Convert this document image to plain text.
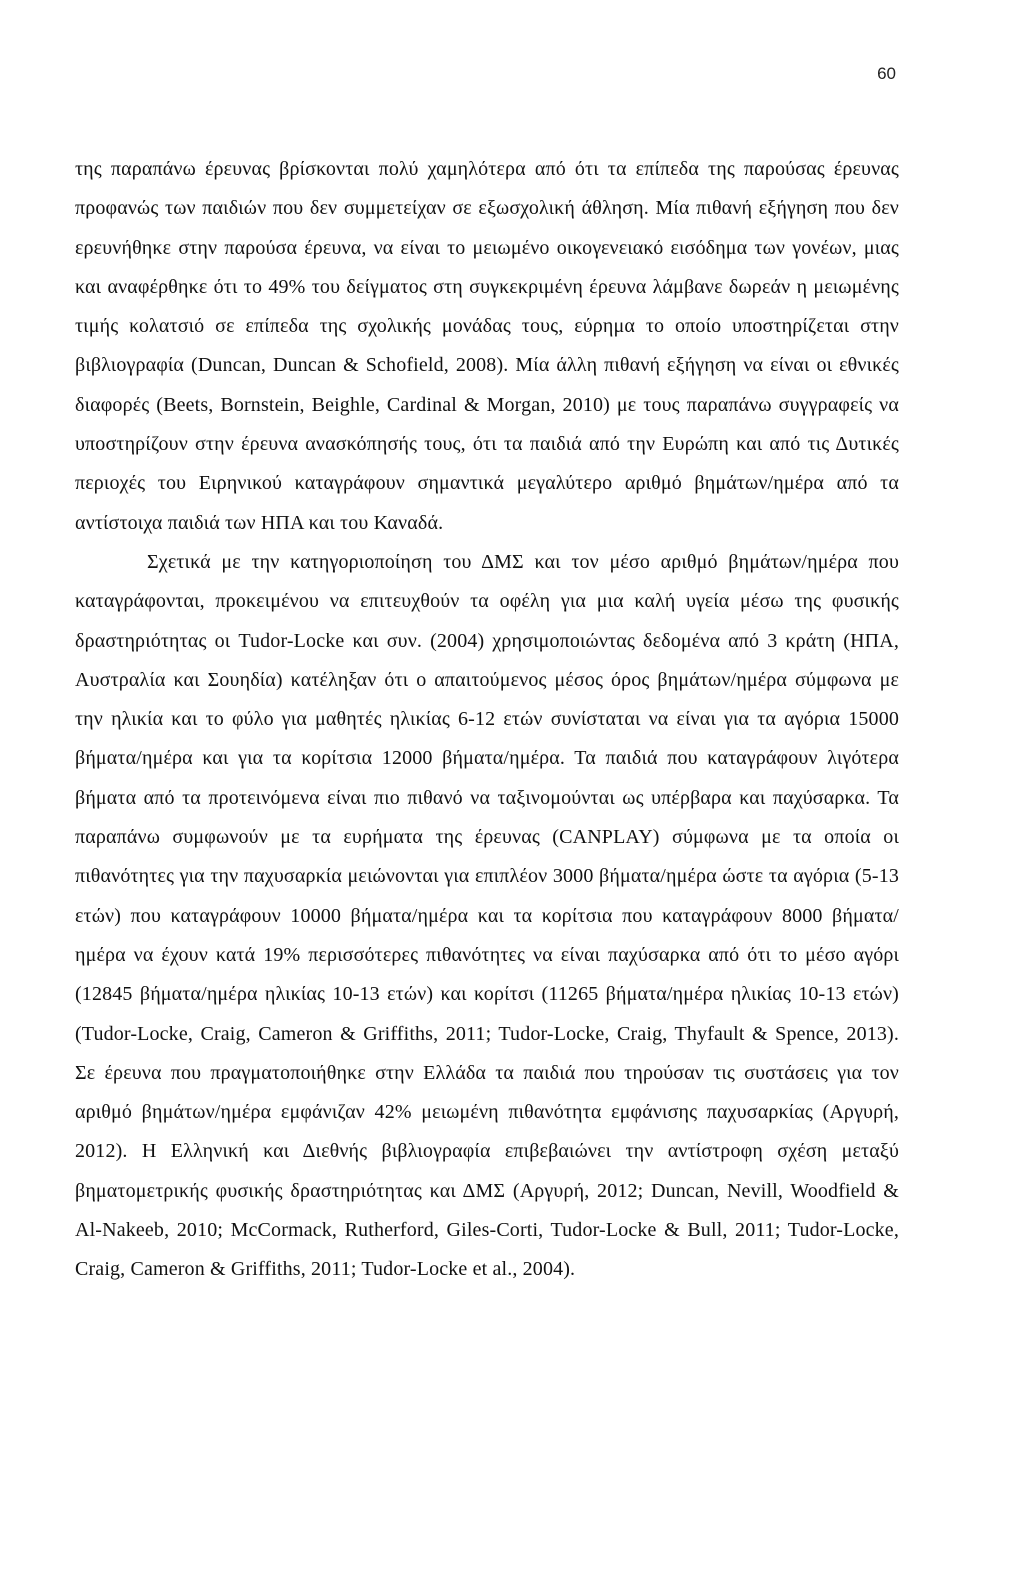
60

της παραπάνω έρευνας βρίσκονται πολύ χαμηλότερα από ότι τα επίπεδα της παρούσας έρευνας προφανώς των παιδιών που δεν συμμετείχαν σε εξωσχολική άθληση. Μία πιθανή εξήγηση που δεν ερευνήθηκε στην παρούσα έρευνα, να είναι το μειωμένο οικογενειακό εισόδημα των γονέων, μιας και αναφέρθηκε ότι το 49% του δείγματος στη συγκεκριμένη έρευνα λάμβανε δωρεάν η μειωμένης τιμής κολατσιό σε επίπεδα της σχολικής μονάδας τους, εύρημα το οποίο υποστηρίζεται στην βιβλιογραφία (Duncan, Duncan & Schofield, 2008). Μία άλλη πιθανή εξήγηση να είναι οι εθνικές διαφορές (Beets, Bornstein, Beighle, Cardinal & Morgan, 2010) με τους παραπάνω συγγραφείς να υποστηρίζουν στην έρευνα ανασκόπησής τους, ότι τα παιδιά από την Ευρώπη και από τις Δυτικές περιοχές του Ειρηνικού καταγράφουν σημαντικά μεγαλύτερο αριθμό βημάτων/ημέρα από τα αντίστοιχα παιδιά των ΗΠΑ και του Καναδά.

Σχετικά με την κατηγοριοποίηση του ΔΜΣ και τον μέσο αριθμό βημάτων/ημέρα που καταγράφονται, προκειμένου να επιτευχθούν τα οφέλη για μια καλή υγεία μέσω της φυσικής δραστηριότητας οι Tudor-Locke και συν. (2004) χρησιμοποιώντας δεδομένα από 3 κράτη (ΗΠΑ, Αυστραλία και Σουηδία) κατέληξαν ότι ο απαιτούμενος μέσος όρος βημάτων/ημέρα σύμφωνα με την ηλικία και το φύλο για μαθητές ηλικίας 6-12 ετών συνίσταται να είναι για τα αγόρια 15000 βήματα/ημέρα και για τα κορίτσια 12000 βήματα/ημέρα. Τα παιδιά που καταγράφουν λιγότερα βήματα από τα προτεινόμενα είναι πιο πιθανό να ταξινομούνται ως υπέρβαρα και παχύσαρκα. Τα παραπάνω συμφωνούν με τα ευρήματα της έρευνας (CANPLAY) σύμφωνα με τα οποία οι πιθανότητες για την παχυσαρκία μειώνονται για επιπλέον 3000 βήματα/ημέρα ώστε τα αγόρια (5-13 ετών) που καταγράφουν 10000 βήματα/ημέρα και τα κορίτσια που καταγράφουν 8000 βήματα/ημέρα να έχουν κατά 19% περισσότερες πιθανότητες να είναι παχύσαρκα από ότι το μέσο αγόρι (12845 βήματα/ημέρα ηλικίας 10-13 ετών) και κορίτσι (11265 βήματα/ημέρα ηλικίας 10-13 ετών) (Tudor-Locke, Craig, Cameron & Griffiths, 2011; Tudor-Locke, Craig, Thyfault & Spence, 2013). Σε έρευνα που πραγματοποιήθηκε στην Ελλάδα τα παιδιά που τηρούσαν τις συστάσεις για τον αριθμό βημάτων/ημέρα εμφάνιζαν 42% μειωμένη πιθανότητα εμφάνισης παχυσαρκίας (Αργυρή, 2012). Η Ελληνική και Διεθνής βιβλιογραφία επιβεβαιώνει την αντίστροφη σχέση μεταξύ βηματομετρικής φυσικής δραστηριότητας και ΔΜΣ (Αργυρή, 2012; Duncan, Nevill, Woodfield & Al-Nakeeb, 2010; McCormack, Rutherford, Giles-Corti, Tudor-Locke & Bull, 2011; Tudor-Locke, Craig, Cameron & Griffiths, 2011; Tudor-Locke et al., 2004).
